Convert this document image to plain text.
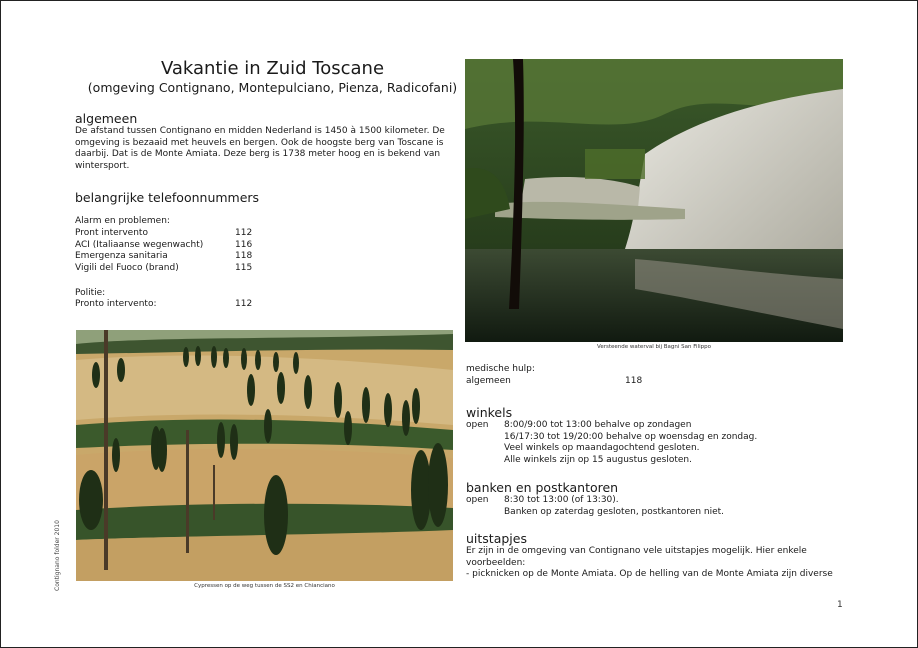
Vakantie in Zuid Toscane
(omgeving Contignano, Montepulciano, Pienza, Radicofani)
algemeen
De afstand tussen Contignano en midden Nederland is 1450 à 1500 kilometer. De
omgeving is bezaaid met heuvels en bergen. Ook de hoogste berg van Toscane is
daarbij. Dat is de Monte Amiata. Deze berg is 1738 meter hoog en is bekend van
wintersport.
belangrijke telefoonnummers
Alarm en problemen:
Pront intervento	112
ACI (Italiaanse wegenwacht)	116
Emergenza sanitaria	118
Vigili del Fuoco (brand)	115
Politie:
Pronto intervento:	112
Versteende waterval bij Bagni San Filippo
Cypressen op de weg tussen de SS2 en Chianciano
medische hulp:
algemeen	118
winkels
open 8:00/9:00 tot 13:00 behalve op zondagen
16/17:30 tot 19/20:00 behalve op woensdag en zondag.
Veel winkels op maandagochtend gesloten.
Alle winkels zijn op 15 augustus gesloten.
banken en postkantoren
open 8:30 tot 13:00 (of 13:30).
Banken op zaterdag gesloten, postkantoren niet.
uitstapjes
Er zijn in de omgeving van Contignano vele uitstapjes mogelijk. Hier enkele
voorbeelden:
- picknicken op de Monte Amiata. Op de helling van de Monte Amiata zijn diverse
Contignano folder 2010
1
